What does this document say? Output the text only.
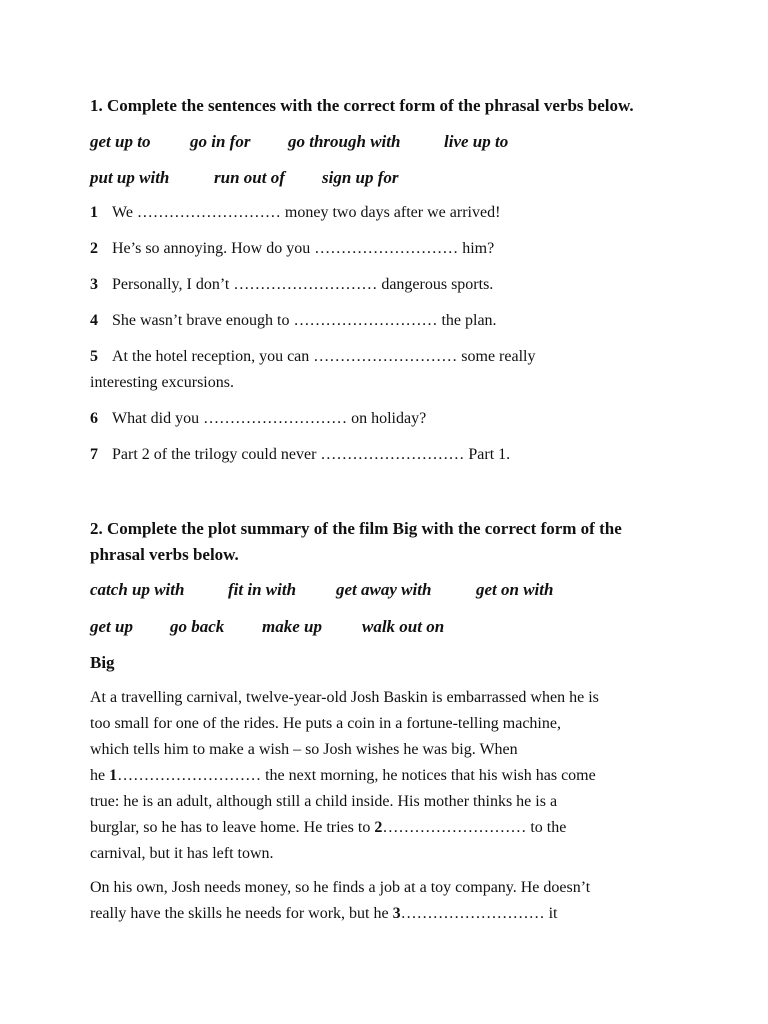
1. Complete the sentences with the correct form of the phrasal verbs below.
get up to go in for go through with	live up to
put up with	run out of sign up for
1 We ……………………… money two days after we arrived!
2 He’s so annoying. How do you ……………………… him?
3 Personally, I don’t ……………………… dangerous sports.
4 She wasn’t brave enough to ……………………… the plan.
5 At the hotel reception, you can ……………………… some really
interesting excursions.
6 What did you ……………………… on holiday?
7 Part 2 of the trilogy could never ……………………… Part 1.
2. Complete the plot summary of the film Big with the correct form of the
phrasal verbs below.
catch up with	fit in with get away with	get on with
get up go back make up walk out on
Big
At a travelling carnival, twelve-year-old Josh Baskin is embarrassed when he is
too small for one of the rides. He puts a coin in a fortune-telling machine,
which tells him to make a wish – so Josh wishes he was big. When
he 1……………………… the next morning, he notices that his wish has come
true: he is an adult, although still a child inside. His mother thinks he is a
burglar, so he has to leave home. He tries to 2……………………… to the
carnival, but it has left town.
On his own, Josh needs money, so he finds a job at a toy company. He doesn’t
really have the skills he needs for work, but he 3……………………… it
